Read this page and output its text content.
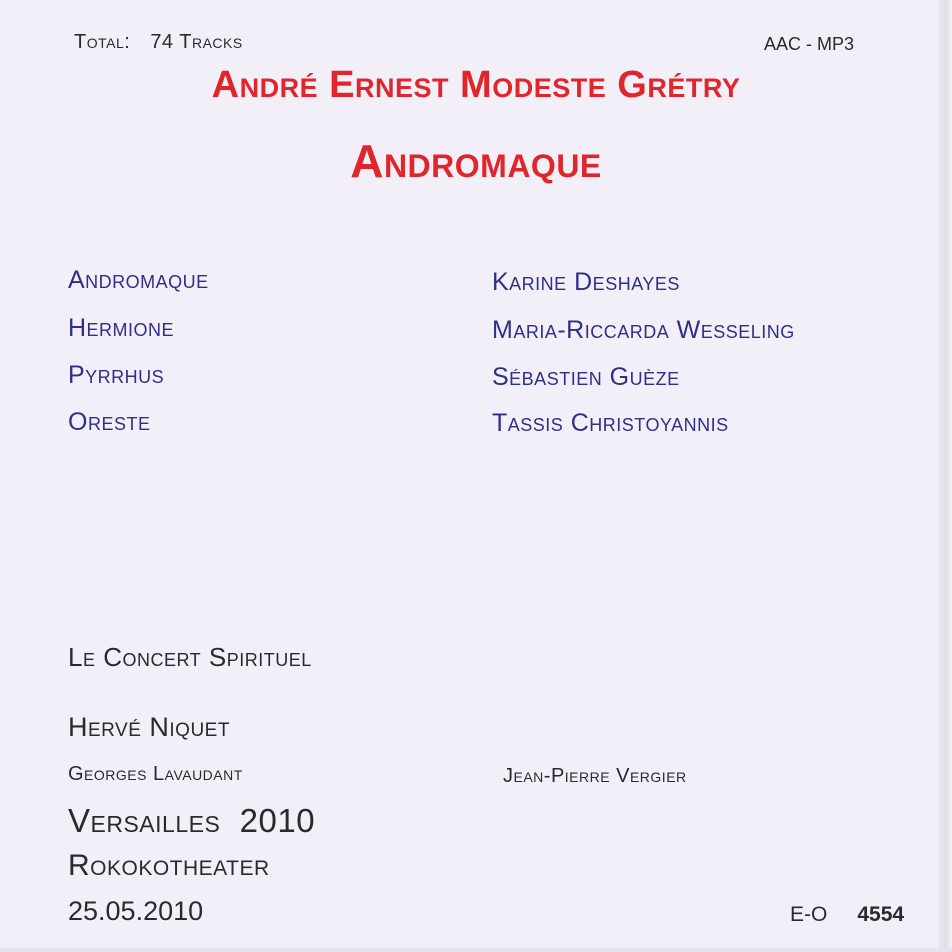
Total: 74 Tracks	AAC - MP3
André Ernest Modeste Grétry
Andromaque
Andromaque	Karine Deshayes
Hermione	Maria-Riccarda Wesseling
Pyrrhus	Sébastien Guèze
Oreste	Tassis Christoyannis
Le Concert Spirituel
Hervé Niquet
Georges Lavaudant	Jean-Pierre Vergier
Versailles  2010
Rokokotheater
25.05.2010	E-O 4554
